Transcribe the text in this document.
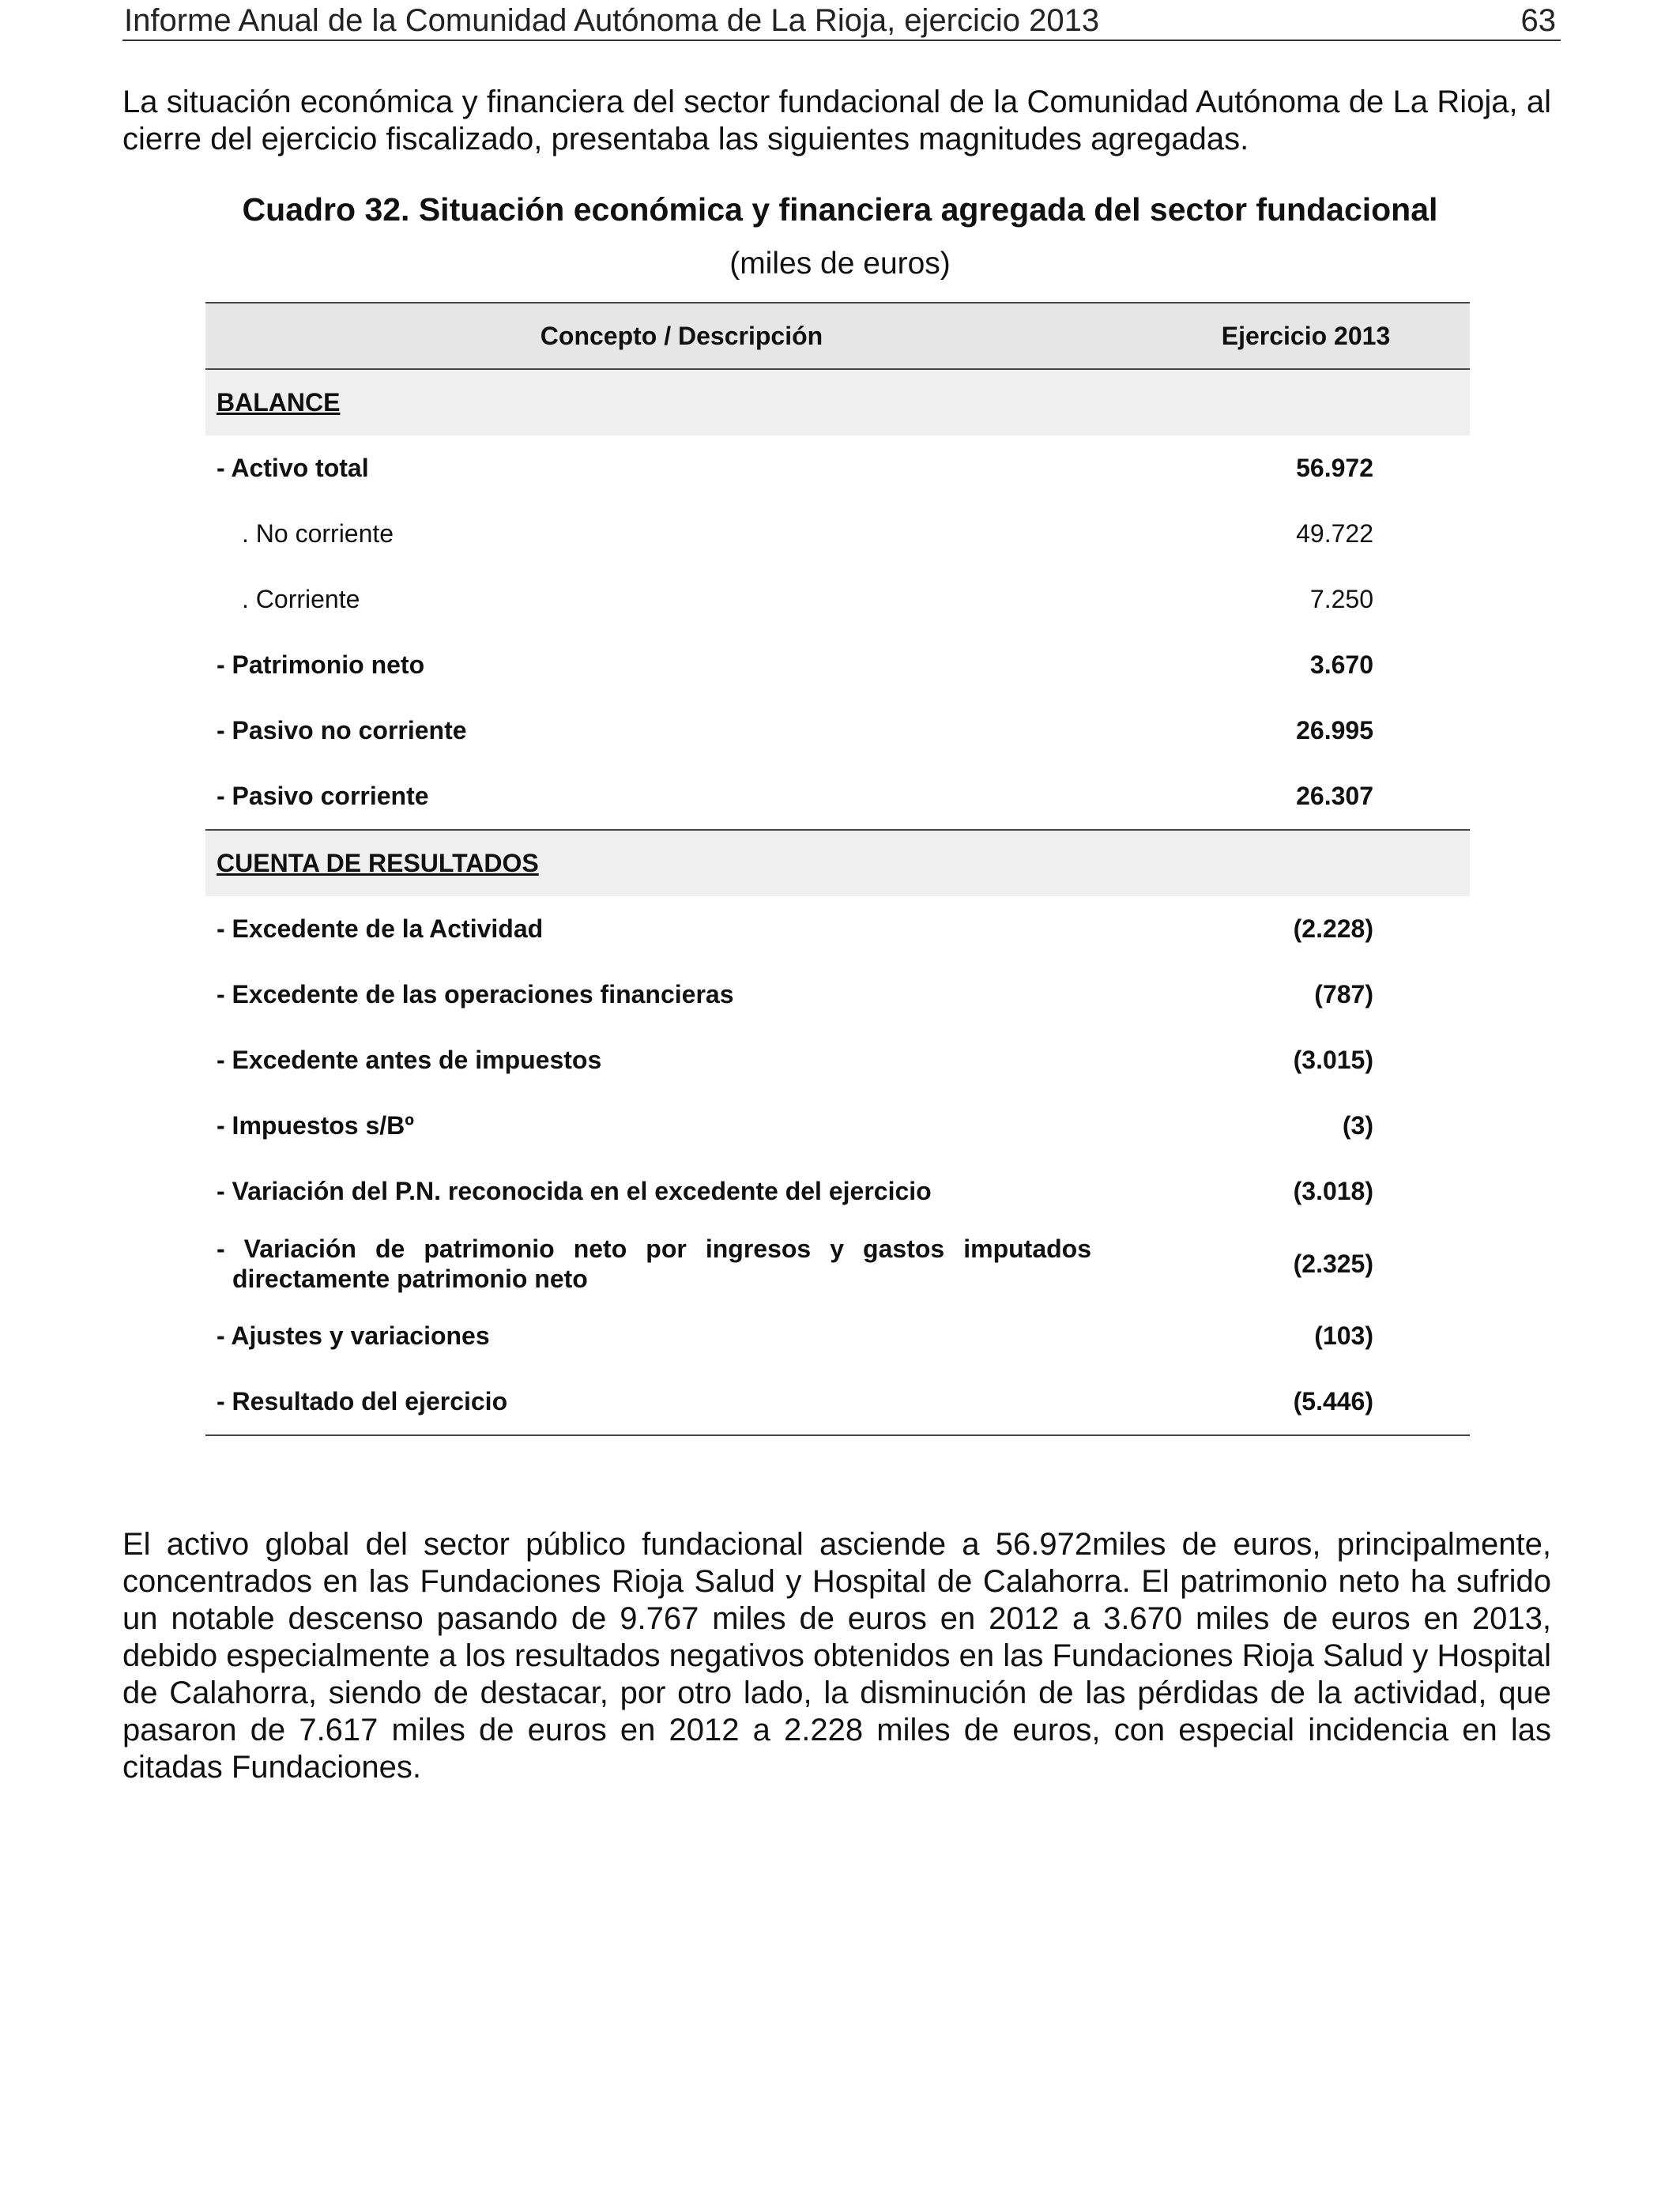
Informe Anual de la Comunidad Autónoma de La Rioja, ejercicio 2013	63

La situación económica y financiera del sector fundacional de la Comunidad Autónoma de La Rioja, al cierre del ejercicio fiscalizado, presentaba las siguientes magnitudes agregadas.

Cuadro 32. Situación económica y financiera agregada del sector fundacional
(miles de euros)
Concepto / Descripción	Ejercicio 2013
BALANCE	
- Activo total	56.972
. No corriente	49.722
. Corriente	7.250
- Patrimonio neto	3.670
- Pasivo no corriente	26.995
- Pasivo corriente	26.307
CUENTA DE RESULTADOS	
- Excedente de la Actividad	(2.228)
- Excedente de las operaciones financieras	(787)
- Excedente antes de impuestos	(3.015)
- Impuestos s/Bº	(3)
- Variación del P.N. reconocida en el excedente del ejercicio	(3.018)

- Variación de patrimonio neto por ingresos y gastos imputados directamente patrimonio neto	(2.325)
- Ajustes y variaciones	(103)
- Resultado del ejercicio	(5.446)

El activo global del sector público fundacional asciende a 56.972miles de euros, principalmente, concentrados en las Fundaciones Rioja Salud y Hospital de Calahorra. El patrimonio neto ha sufrido un notable descenso pasando de 9.767 miles de euros en 2012 a 3.670 miles de euros en 2013, debido especialmente a los resultados negativos obtenidos en las Fundaciones Rioja Salud y Hospital de Calahorra, siendo de destacar, por otro lado, la disminución de las pérdidas de la actividad, que pasaron de 7.617 miles de euros en 2012 a 2.228 miles de euros, con especial incidencia en las citadas Fundaciones.
